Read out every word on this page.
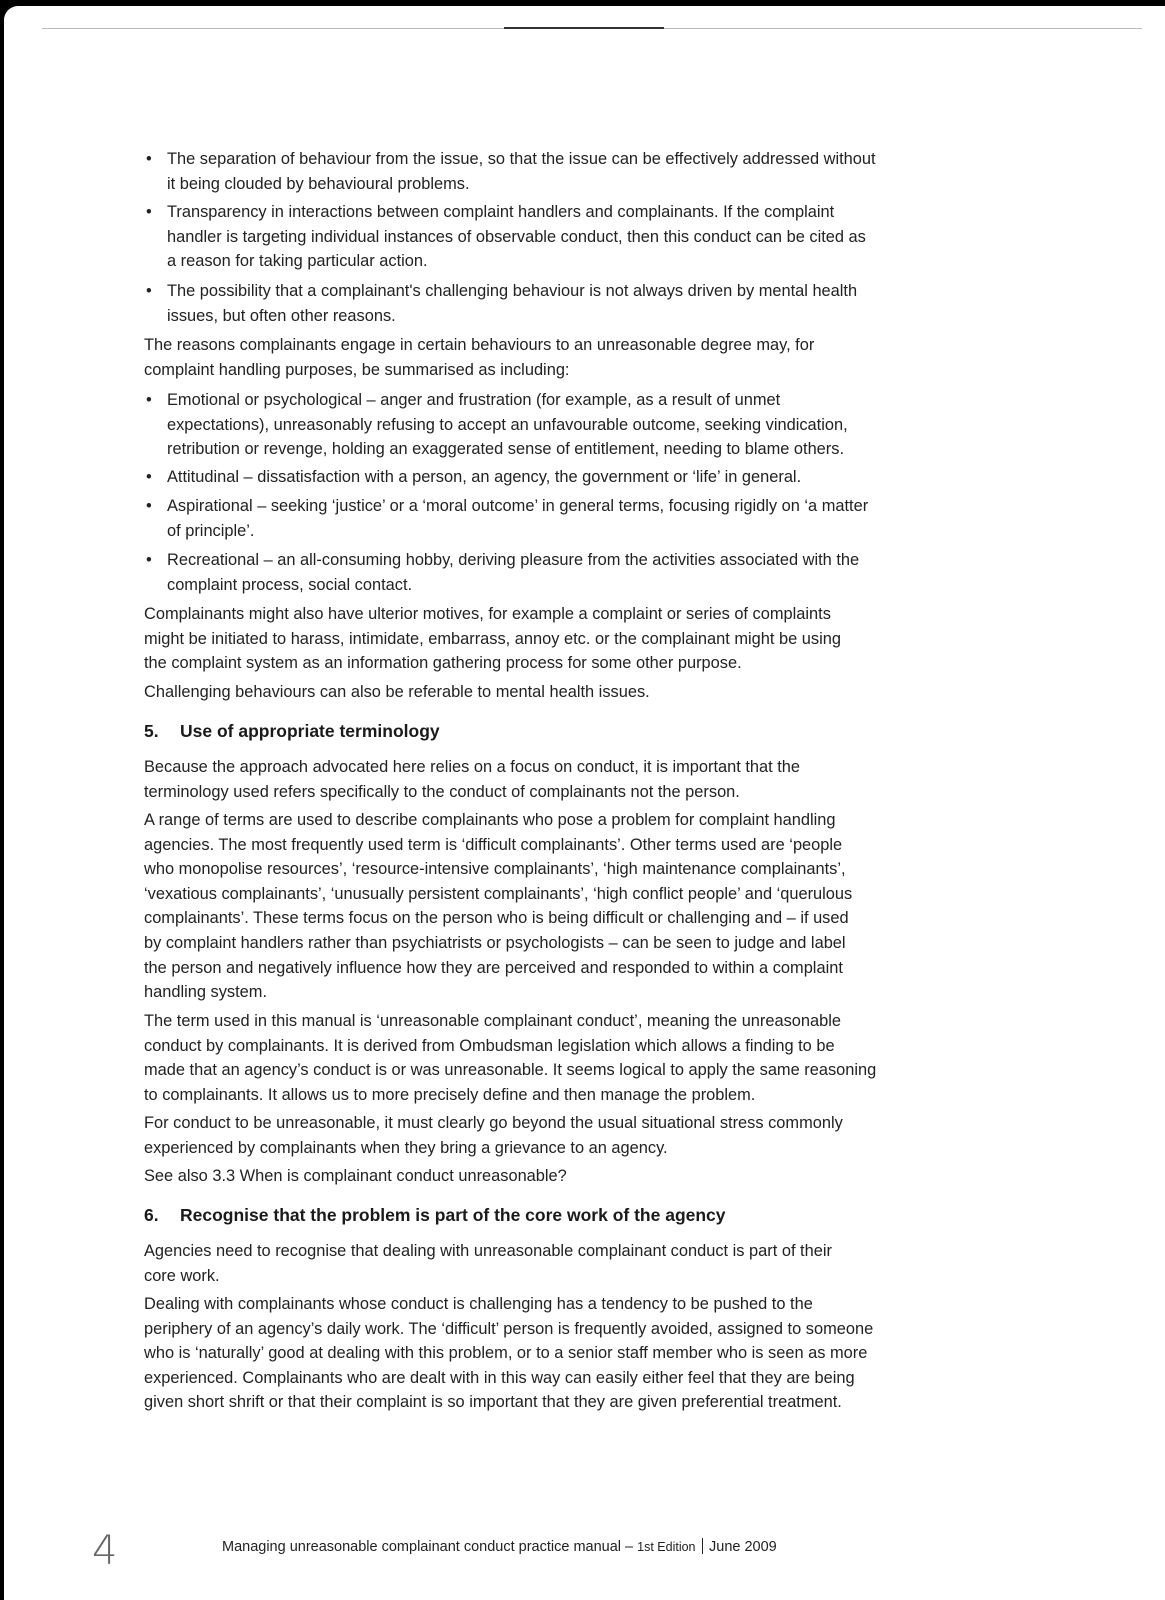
• The separation of behaviour from the issue, so that the issue can be effectively addressed without
it being clouded by behavioural problems.
• Transparency in interactions between complaint handlers and complainants. If the complaint
handler is targeting individual instances of observable conduct, then this conduct can be cited as
a reason for taking particular action.
• The possibility that a complainant's challenging behaviour is not always driven by mental health
issues, but often other reasons.
The reasons complainants engage in certain behaviours to an unreasonable degree may, for
complaint handling purposes, be summarised as including:
• Emotional or psychological – anger and frustration (for example, as a result of unmet
expectations), unreasonably refusing to accept an unfavourable outcome, seeking vindication,
retribution or revenge, holding an exaggerated sense of entitlement, needing to blame others.
• Attitudinal – dissatisfaction with a person, an agency, the government or ‘life’ in general.
• Aspirational – seeking ‘justice’ or a ‘moral outcome’ in general terms, focusing rigidly on ‘a matter
of principle’.
• Recreational – an all-consuming hobby, deriving pleasure from the activities associated with the
complaint process, social contact.
Complainants might also have ulterior motives, for example a complaint or series of complaints
might be initiated to harass, intimidate, embarrass, annoy etc. or the complainant might be using
the complaint system as an information gathering process for some other purpose.
Challenging behaviours can also be referable to mental health issues.
5. Use of appropriate terminology
Because the approach advocated here relies on a focus on conduct, it is important that the
terminology used refers specifically to the conduct of complainants not the person.
A range of terms are used to describe complainants who pose a problem for complaint handling
agencies. The most frequently used term is ‘difficult complainants’. Other terms used are ‘people
who monopolise resources’, ‘resource-intensive complainants’, ‘high maintenance complainants’,
‘vexatious complainants’, ‘unusually persistent complainants’, ‘high conflict people’ and ‘querulous
complainants’. These terms focus on the person who is being difficult or challenging and – if used
by complaint handlers rather than psychiatrists or psychologists – can be seen to judge and label
the person and negatively influence how they are perceived and responded to within a complaint
handling system.
The term used in this manual is ‘unreasonable complainant conduct’, meaning the unreasonable
conduct by complainants. It is derived from Ombudsman legislation which allows a finding to be
made that an agency’s conduct is or was unreasonable. It seems logical to apply the same reasoning
to complainants. It allows us to more precisely define and then manage the problem.
For conduct to be unreasonable, it must clearly go beyond the usual situational stress commonly
experienced by complainants when they bring a grievance to an agency.
See also 3.3 When is complainant conduct unreasonable?
6. Recognise that the problem is part of the core work of the agency
Agencies need to recognise that dealing with unreasonable complainant conduct is part of their
core work.
Dealing with complainants whose conduct is challenging has a tendency to be pushed to the
periphery of an agency’s daily work. The ‘difficult’ person is frequently avoided, assigned to someone
who is ‘naturally’ good at dealing with this problem, or to a senior staff member who is seen as more
experienced. Complainants who are dealt with in this way can easily either feel that they are being
given short shrift or that their complaint is so important that they are given preferential treatment.
4	Managing unreasonable complainant conduct practice manual – 1st Edition June 2009
